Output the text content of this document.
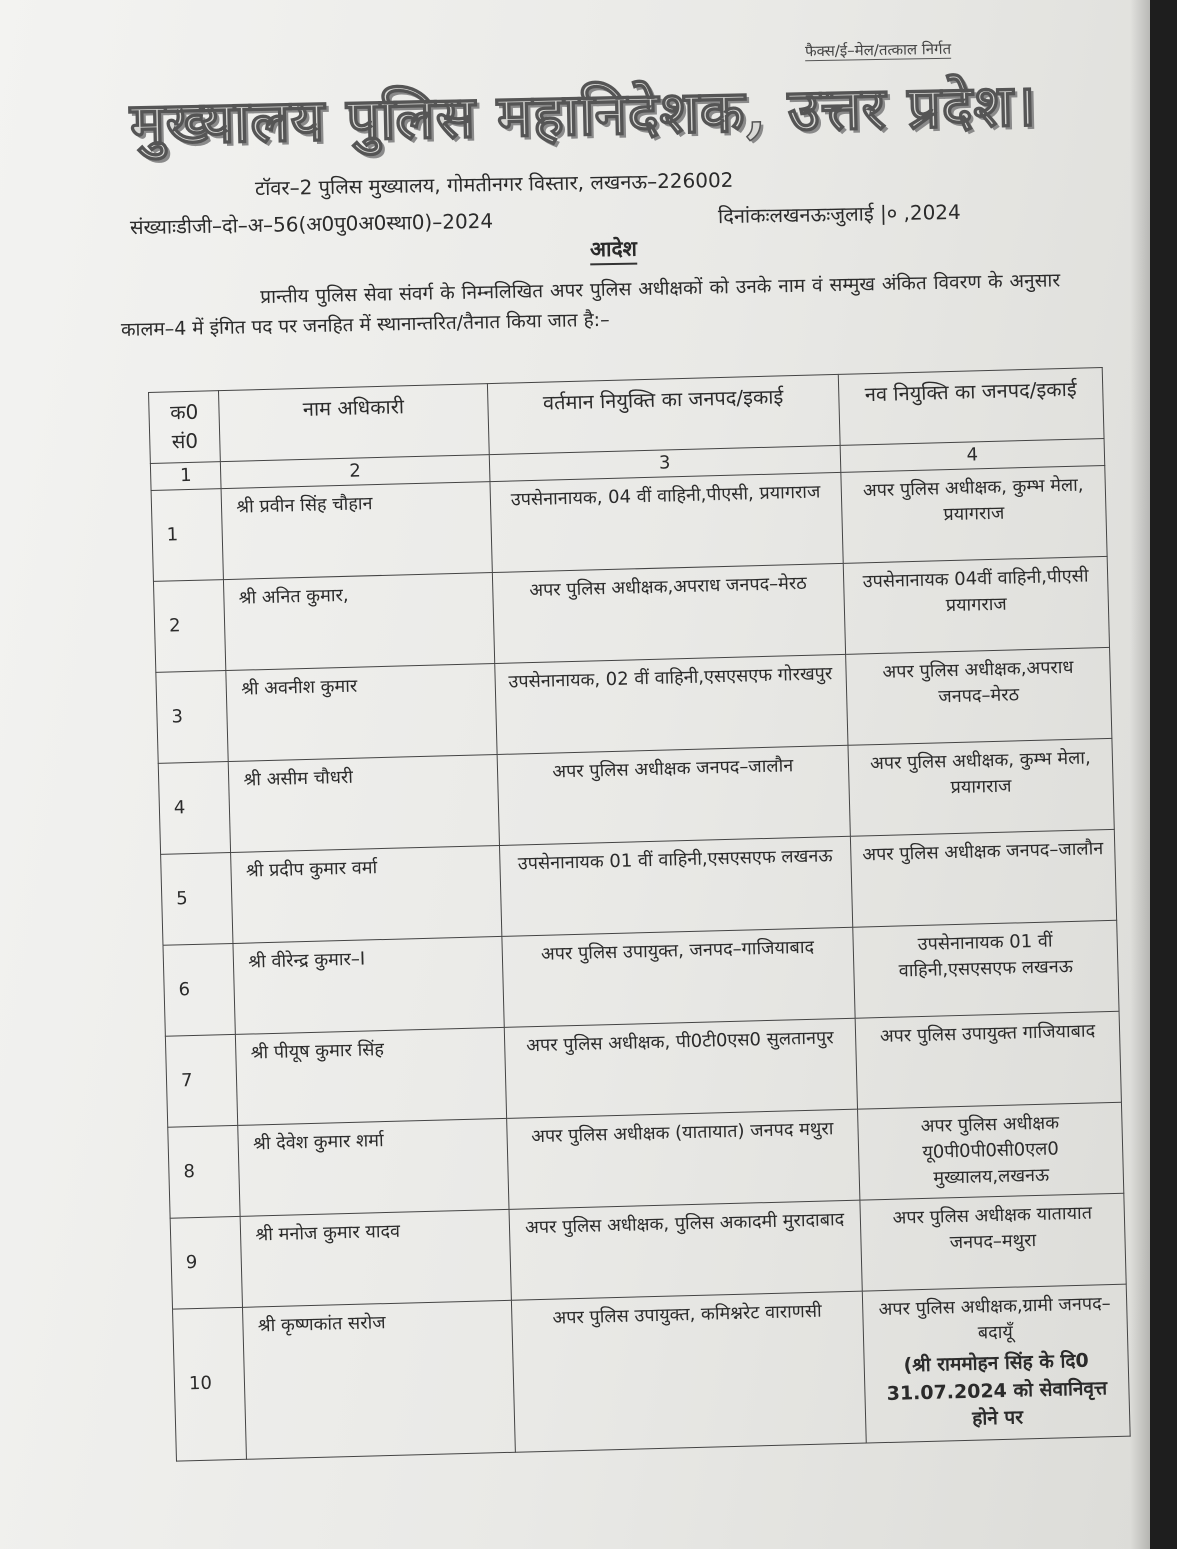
फैक्स/ई–मेल/तत्काल निर्गत
मुख्यालय पुलिस महानिदेशक, उत्तर प्रदेश।
टॉवर–2 पुलिस मुख्यालय, गोमतीनगर विस्तार, लखनऊ–226002
संख्याःडीजी–दो–अ–56(अ0पु0अ0स्था0)–2024	दिनांकःलखनऊःजुलाई |० ,2024
आदेश
प्रान्तीय पुलिस सेवा संवर्ग के निम्नलिखित अपर पुलिस अधीक्षकों को उनके नाम वं सम्मुख अंकित विवरण के अनुसार कालम–4 में इंगित पद पर जनहित में स्थानान्तरित/तैनात किया जात है:–
क0 सं0	नाम अधिकारी	वर्तमान नियुक्ति का जनपद/इकाई	नव नियुक्ति का जनपद/इकाई
1	2	3	4
1	श्री प्रवीन सिंह चौहान	उपसेनानायक, 04 वीं वाहिनी,पीएसी, प्रयागराज	अपर पुलिस अधीक्षक, कुम्भ मेला, प्रयागराज
2	श्री अनित कुमार,	अपर पुलिस अधीक्षक,अपराध जनपद–मेरठ	उपसेनानायक 04वीं वाहिनी,पीएसी प्रयागराज
3	श्री अवनीश कुमार	उपसेनानायक, 02 वीं वाहिनी,एसएसएफ गोरखपुर	अपर पुलिस अधीक्षक,अपराध जनपद–मेरठ
4	श्री असीम चौधरी	अपर पुलिस अधीक्षक जनपद–जालौन	अपर पुलिस अधीक्षक, कुम्भ मेला, प्रयागराज
5	श्री प्रदीप कुमार वर्मा	उपसेनानायक 01 वीं वाहिनी,एसएसएफ लखनऊ	अपर पुलिस अधीक्षक जनपद–जालौन
6	श्री वीरेन्द्र कुमार–I	अपर पुलिस उपायुक्त, जनपद–गाजियाबाद	उपसेनानायक 01 वीं वाहिनी,एसएसएफ लखनऊ
7	श्री पीयूष कुमार सिंह	अपर पुलिस अधीक्षक, पी0टी0एस0 सुलतानपुर	अपर पुलिस उपायुक्त गाजियाबाद
8	श्री देवेश कुमार शर्मा	अपर पुलिस अधीक्षक (यातायात) जनपद मथुरा	अपर पुलिस अधीक्षक यू0पी0पी0सी0एल0 मुख्यालय,लखनऊ
9	श्री मनोज कुमार यादव	अपर पुलिस अधीक्षक, पुलिस अकादमी मुरादाबाद	अपर पुलिस अधीक्षक यातायात जनपद–मथुरा
10	श्री कृष्णकांत सरोज	अपर पुलिस उपायुक्त, कमिश्नरेट वाराणसी	अपर पुलिस अधीक्षक,ग्रामी जनपद–बदायूँ
(श्री राममोहन सिंह के दि0 31.07.2024 को सेवानिवृत्त होने पर
